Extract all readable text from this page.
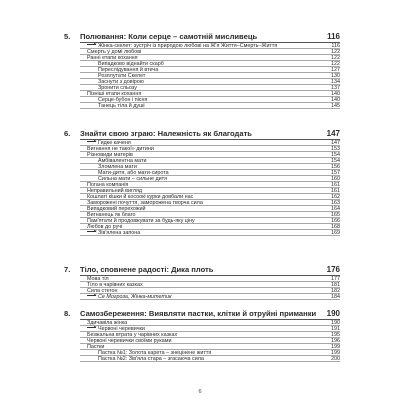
5.	Полювання: Коли серце – самотній мисливець	116
Жінка-скелет: зустріч із природою любові на Ж'я Життя–Смерть–Життя	116
Смерть у домі любові	122
Ранні етапи кохання	122
Випадково віднайти скарб	122
Переслідування й втеча	127
Розплутати Скелет	130
Заснути з довірою	134
Зронити сльозу	137
Пізніші етапи кохання	140
Серце-бубон і пісня	140
Танець тіла й душі	145
6.	Знайти свою зграю: Належність як благодать	147
Гидке каченя	147
Вигнання не такої» дитини	153
Різновиди матерів	154
Амбівалентна мати	154
Зломлена мати	156
Мати-дитя, або мати-сирота	157
Сильна мати – сильне дитя	160
Погана компанія	161
Неправильний вигляд	161
Кошлаті кішки й косоокі курки довбали нас	162
Заморожені почуття, заморожена творча сила	163
Випадковий перехожий	164
Вигнанець як благо	165
Пам'ятати й продовжувати за будь-яку ціну	166
Любов до ручі	168
Зів'ялена запона	169
7.	Тіло, сповнене радості: Дика плоть	176
Мова тіл	177
Тіло в чарівних казках	181
Сила стегон	182
Се Могроза, Жінка-митетик	184
8.	Самозбереження: Виявляти пастки, клітки й отруйні приманки	190
Здичавіла жінка	190
Червоні черевички	191
Безжальна втрата у чарівних казках	195
Червоні черевички своїми руками	196
Пастки	199
Пастка №1: Золота карета – знецінене життя	199
Пастка №2: Зів'яла стара – згасаюча сила	200
6
